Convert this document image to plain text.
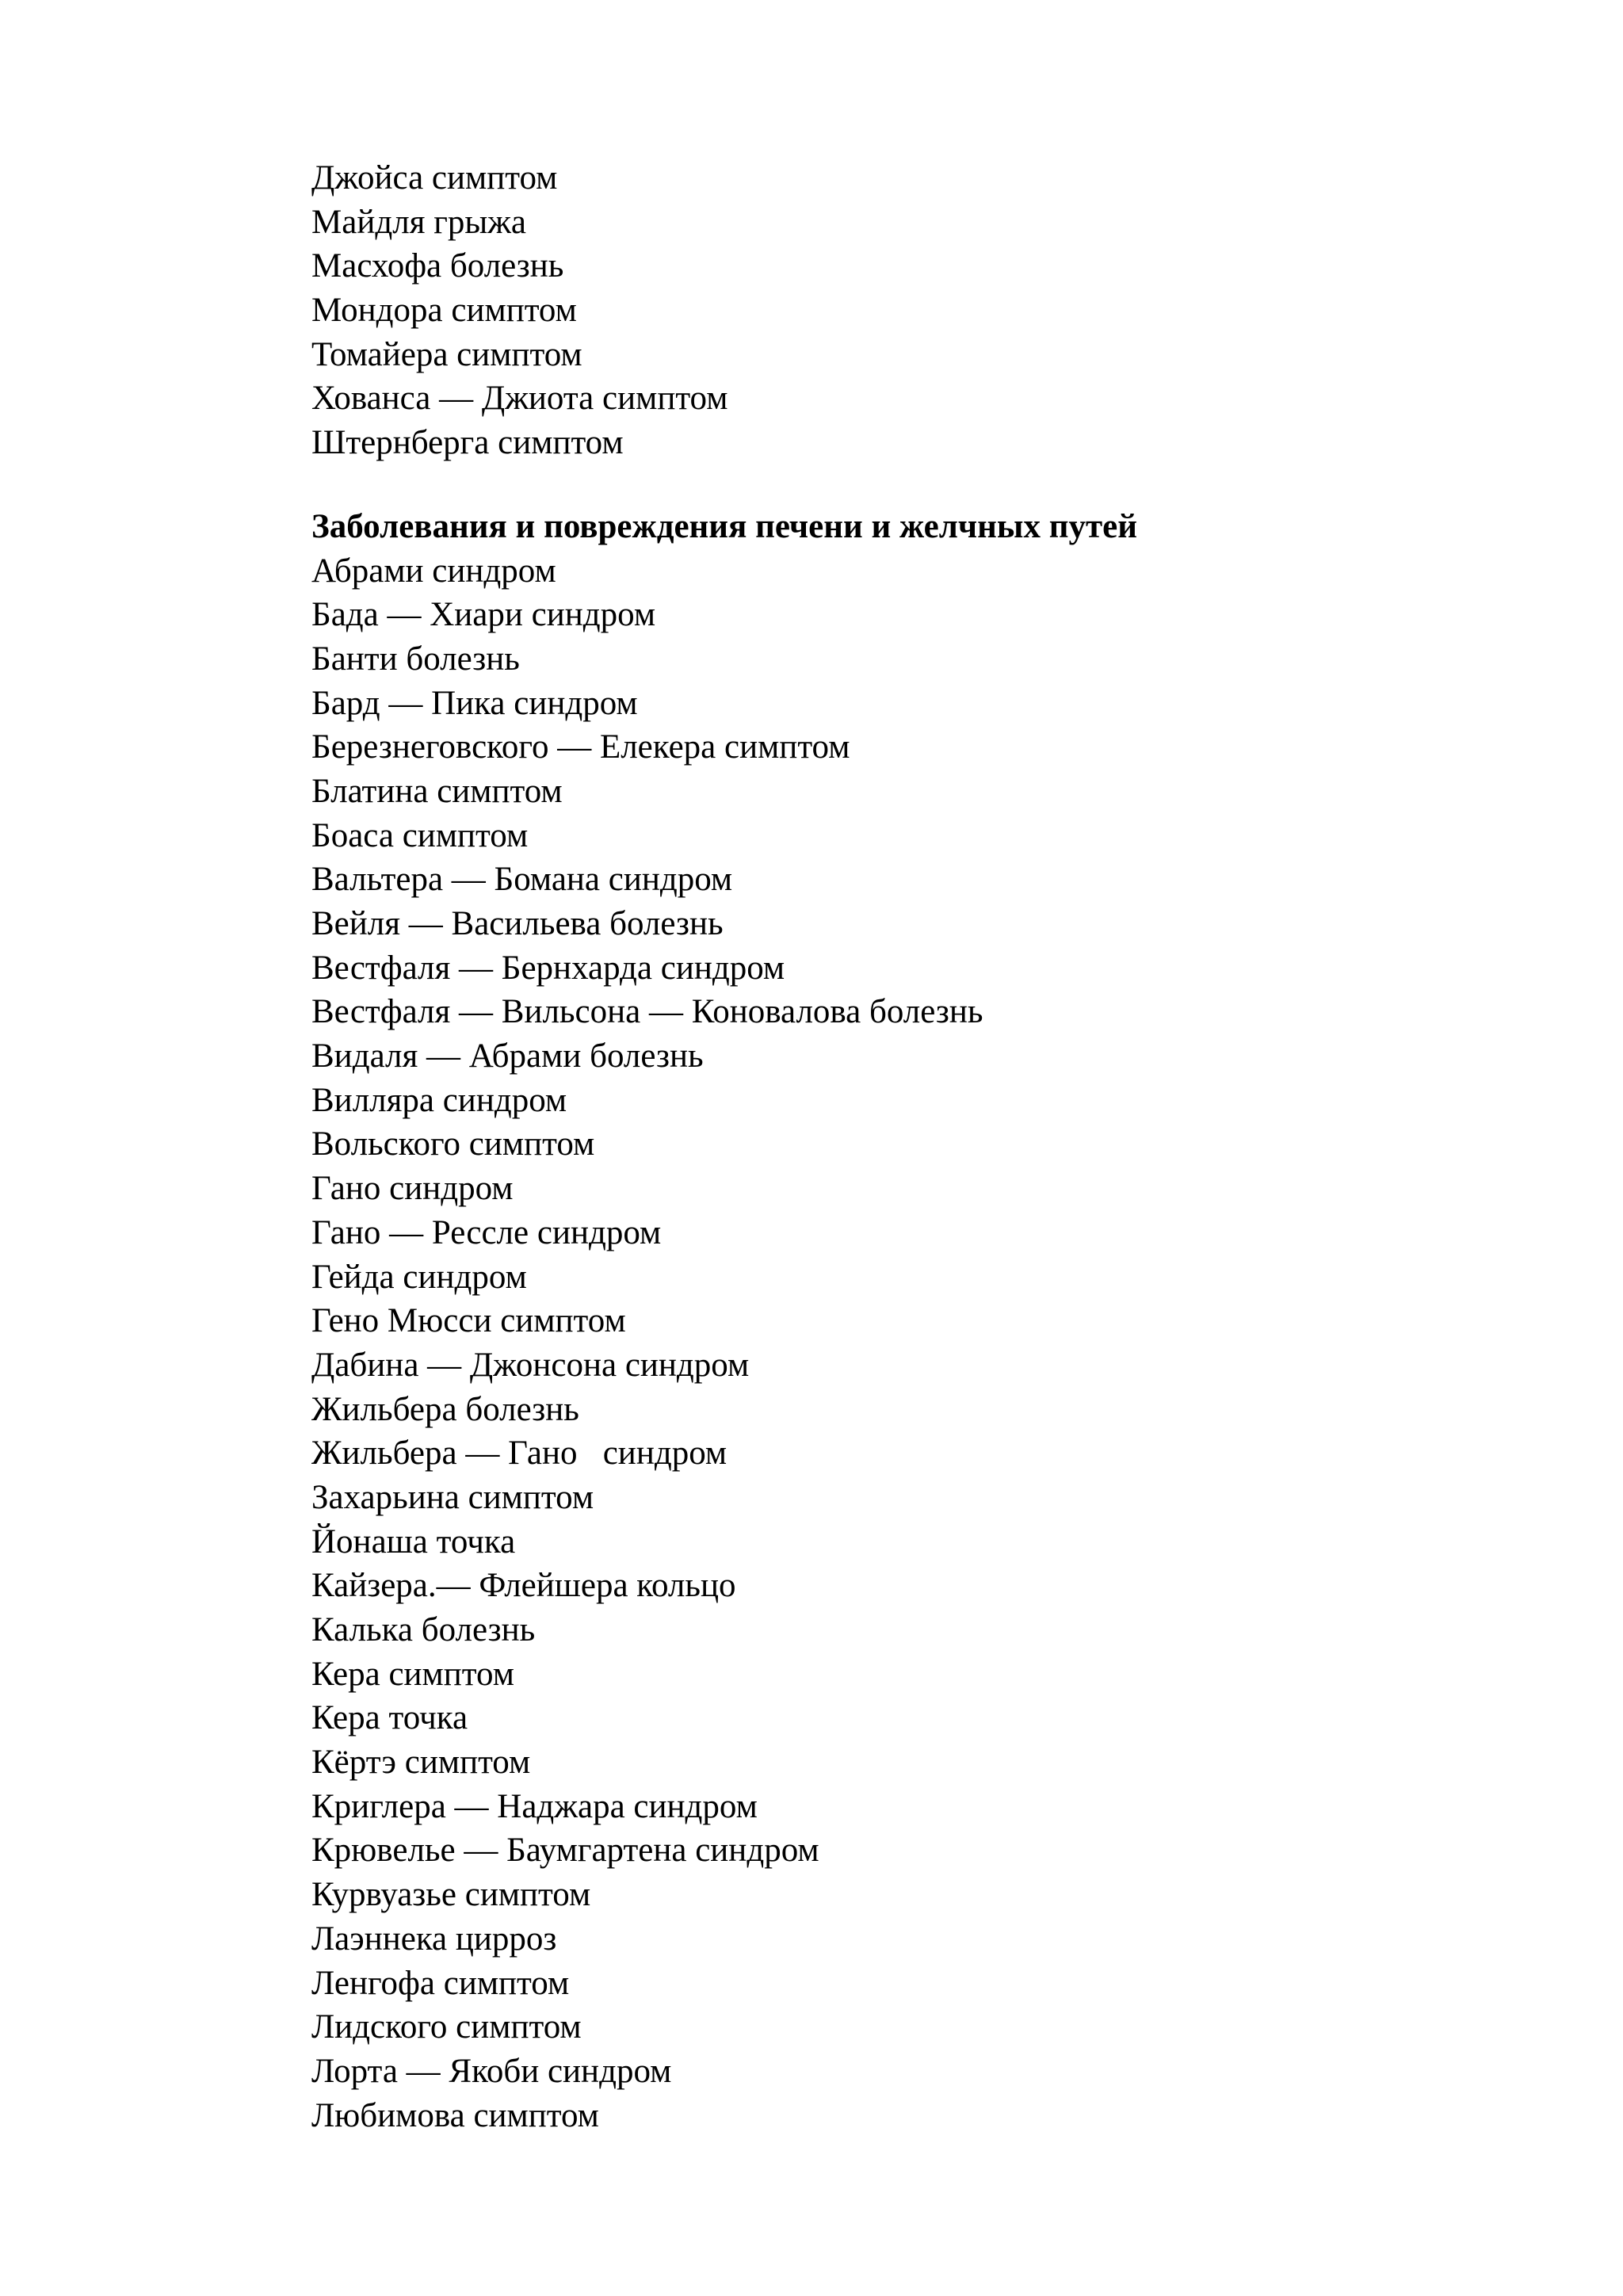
Джойса симптом
Майдля грыжа
Масхофа болезнь
Мондора симптом
Томайера симптом
Хованса — Джиота симптом
Штернберга симптом
Заболевания и повреждения печени и желчных путей
Абрами синдром
Бада — Хиари синдром
Банти болезнь
Бард — Пика синдром
Березнеговского — Елекера симптом
Блатина симптом
Боаса симптом
Вальтера — Бомана синдром
Вейля — Васильева болезнь
Вестфаля — Бернхарда синдром
Вестфаля — Вильсона — Коновалова болезнь
Видаля — Абрами болезнь
Вилляра синдром
Вольского симптом
Гано синдром
Гано — Рессле синдром
Гейда синдром
Гено Мюсси симптом
Дабина — Джонсона синдром
Жильбера болезнь
Жильбера — Гано   синдром
Захарьина симптом
Йонаша точка
Кайзера.— Флейшера кольцо
Калька болезнь
Кера симптом
Кера точка
Кёртэ симптом
Криглера — Наджара синдром
Крювелье — Баумгартена синдром
Курвуазье симптом
Лаэннека цирроз
Ленгофа симптом
Лидского симптом
Лорта — Якоби синдром
Любимова симптом
